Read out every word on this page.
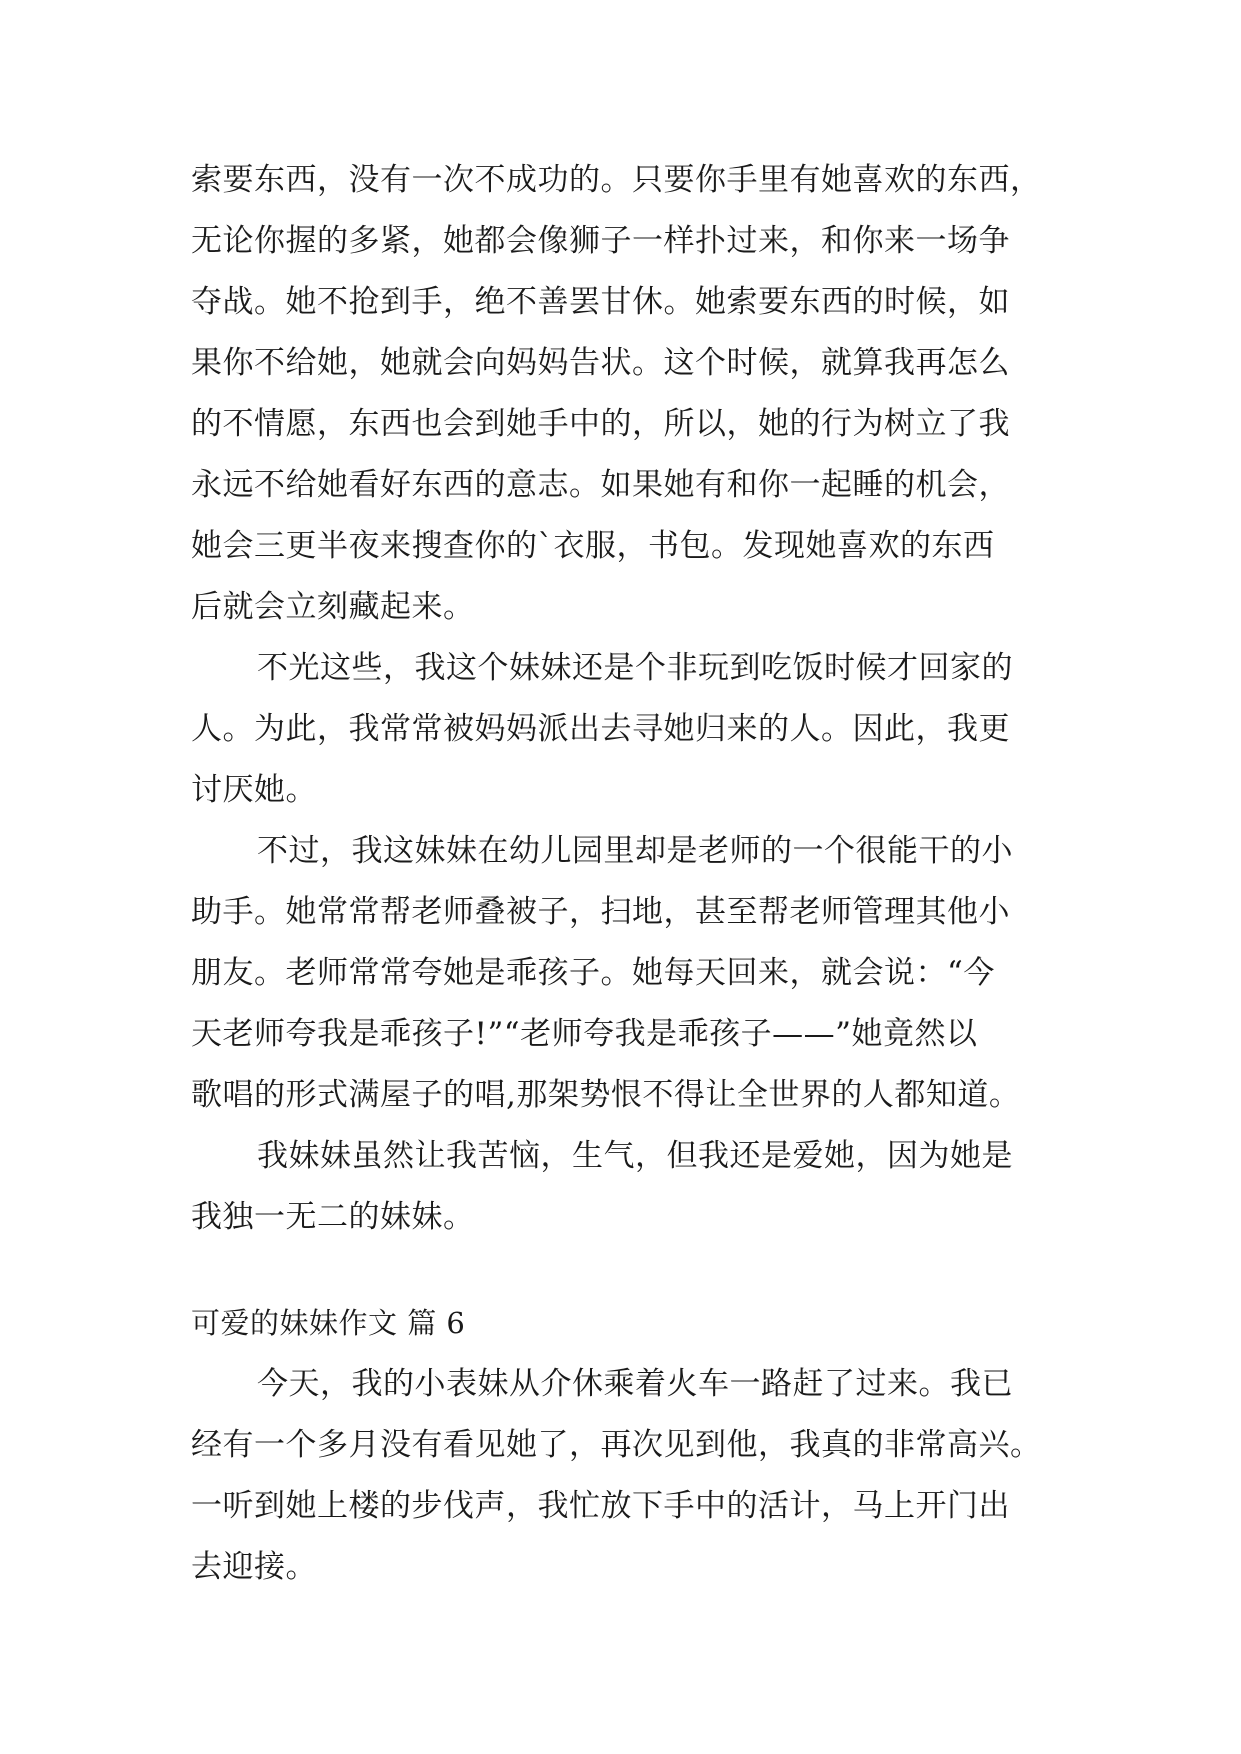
索要东西，没有一次不成功的。只要你手里有她喜欢的东西，
无论你握的多紧，她都会像狮子一样扑过来，和你来一场争
夺战。她不抢到手，绝不善罢甘休。她索要东西的时候，如
果你不给她，她就会向妈妈告状。这个时候，就算我再怎么
的不情愿，东西也会到她手中的，所以，她的行为树立了我
永远不给她看好东西的意志。如果她有和你一起睡的机会，
她会三更半夜来搜查你的`衣服，书包。发现她喜欢的东西
后就会立刻藏起来。
不光这些，我这个妹妹还是个非玩到吃饭时候才回家的
人。为此，我常常被妈妈派出去寻她归来的人。因此，我更
讨厌她。
不过，我这妹妹在幼儿园里却是老师的一个很能干的小
助手。她常常帮老师叠被子，扫地，甚至帮老师管理其他小
朋友。老师常常夸她是乖孩子。她每天回来，就会说：“今
天老师夸我是乖孩子!”“老师夸我是乖孩子——”她竟然以
歌唱的形式满屋子的唱,那架势恨不得让全世界的人都知道。
我妹妹虽然让我苦恼，生气，但我还是爱她，因为她是
我独一无二的妹妹。
可爱的妹妹作文 篇 6
今天，我的小表妹从介休乘着火车一路赶了过来。我已
经有一个多月没有看见她了，再次见到他，我真的非常高兴。
一听到她上楼的步伐声，我忙放下手中的活计，马上开门出
去迎接。
